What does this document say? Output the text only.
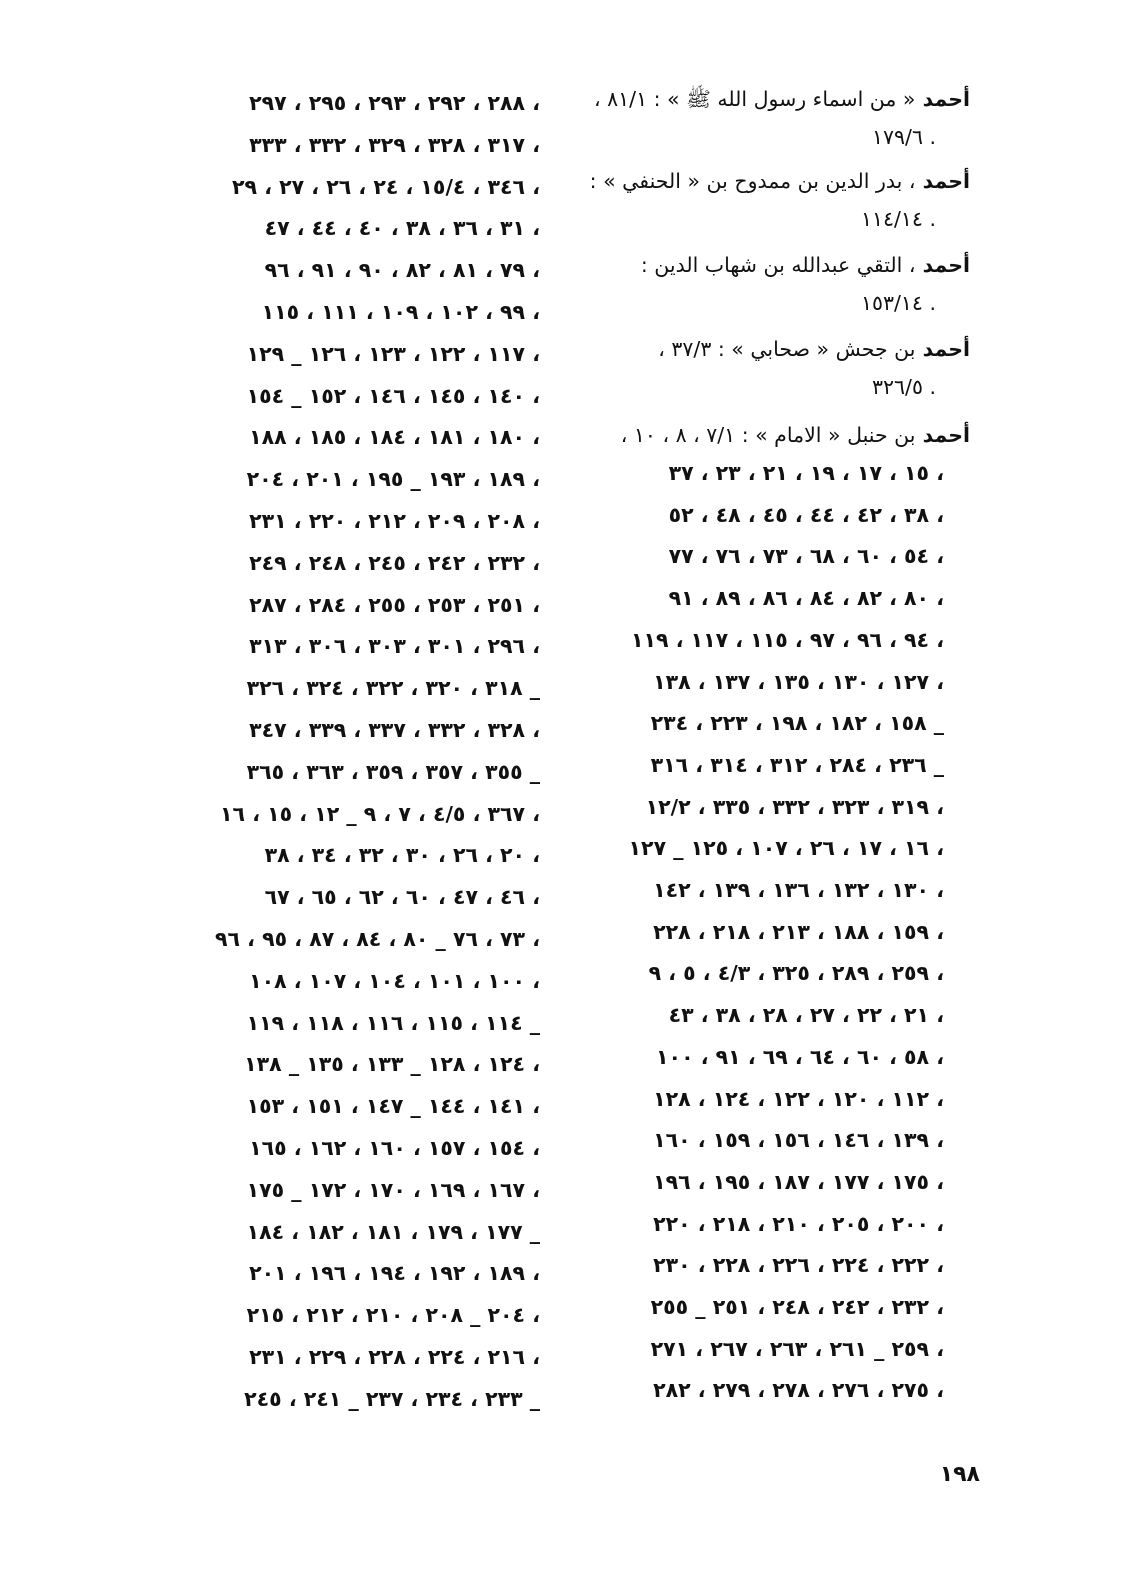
أحمد « من اسماء رسول الله ﷺ » : ٨١/١ ،
١٧٩/٦ .
أحمد ، بدر الدين بن ممدوح بن « الحنفي » :
١١٤/١٤ .
أحمد ، التقي عبدالله بن شهاب الدين :
١٥٣/١٤ .
أحمد بن جحش « صحابي » : ٣٧/٣ ،
٣٢٦/٥ .
أحمد بن حنبل « الامام » : ٧/١ ، ٨ ، ١٠ ،
١٥ ، ١٧ ، ١٩ ، ٢١ ، ٢٣ ، ٣٧ ،
٣٨ ، ٤٢ ، ٤٤ ، ٤٥ ، ٤٨ ، ٥٢ ،
٥٤ ، ٦٠ ، ٦٨ ، ٧٣ ، ٧٦ ، ٧٧ ،
٨٠ ، ٨٢ ، ٨٤ ، ٨٦ ، ٨٩ ، ٩١ ،
٩٤ ، ٩٦ ، ٩٧ ، ١١٥ ، ١١٧ ، ١١٩ ،
١٢٧ ، ١٣٠ ، ١٣٥ ، ١٣٧ ، ١٣٨ ،
١٥٨ ، ١٨٢ ، ١٩٨ ، ٢٢٣ ، ٢٣٤ _
٢٣٦ ، ٢٨٤ ، ٣١٢ ، ٣١٤ ، ٣١٦ _
٣١٩ ، ٣٢٣ ، ٣٣٢ ، ٣٣٥ ، ١٢/٢ ،
١٦ ، ١٧ ، ٢٦ ، ١٠٧ ، ١٢٥ _ ١٢٧ ،
١٣٠ ، ١٣٢ ، ١٣٦ ، ١٣٩ ، ١٤٢ ،
١٥٩ ، ١٨٨ ، ٢١٣ ، ٢١٨ ، ٢٢٨ ،
٢٥٩ ، ٢٨٩ ، ٣٢٥ ، ٤/٣ ، ٥ ، ٩ ،
٢١ ، ٢٢ ، ٢٧ ، ٢٨ ، ٣٨ ، ٤٣ ،
٥٨ ، ٦٠ ، ٦٤ ، ٦٩ ، ٩١ ، ١٠٠ ،
١١٢ ، ١٢٠ ، ١٢٢ ، ١٢٤ ، ١٢٨ ،
١٣٩ ، ١٤٦ ، ١٥٦ ، ١٥٩ ، ١٦٠ ،
١٧٥ ، ١٧٧ ، ١٨٧ ، ١٩٥ ، ١٩٦ ،
٢٠٠ ، ٢٠٥ ، ٢١٠ ، ٢١٨ ، ٢٢٠ ،
٢٢٢ ، ٢٢٤ ، ٢٢٦ ، ٢٢٨ ، ٢٣٠ ،
٢٣٢ ، ٢٤٢ ، ٢٤٨ ، ٢٥١ _ ٢٥٥ ،
٢٥٩ _ ٢٦١ ، ٢٦٣ ، ٢٦٧ ، ٢٧١ ،
٢٧٥ ، ٢٧٦ ، ٢٧٨ ، ٢٧٩ ، ٢٨٢ ،
٢٨٨ ، ٢٩٢ ، ٢٩٣ ، ٢٩٥ ، ٢٩٧ ،
٣١٧ ، ٣٢٨ ، ٣٢٩ ، ٣٣٢ ، ٣٣٣ ،
٣٤٦ ، ١٥/٤ ، ٢٤ ، ٢٦ ، ٢٧ ، ٢٩ ،
٣١ ، ٣٦ ، ٣٨ ، ٤٠ ، ٤٤ ، ٤٧ ،
٧٩ ، ٨١ ، ٨٢ ، ٩٠ ، ٩١ ، ٩٦ ،
٩٩ ، ١٠٢ ، ١٠٩ ، ١١١ ، ١١٥ ،
١١٧ ، ١٢٢ ، ١٢٣ ، ١٢٦ _ ١٢٩ ،
١٤٠ ، ١٤٥ ، ١٤٦ ، ١٥٢ _ ١٥٤ ،
١٨٠ ، ١٨١ ، ١٨٤ ، ١٨٥ ، ١٨٨ ،
١٨٩ ، ١٩٣ _ ١٩٥ ، ٢٠١ ، ٢٠٤ ،
٢٠٨ ، ٢٠٩ ، ٢١٢ ، ٢٢٠ ، ٢٣١ ،
٢٣٢ ، ٢٤٢ ، ٢٤٥ ، ٢٤٨ ، ٢٤٩ ،
٢٥١ ، ٢٥٣ ، ٢٥٥ ، ٢٨٤ ، ٢٨٧ ،
٢٩٦ ، ٣٠١ ، ٣٠٣ ، ٣٠٦ ، ٣١٣ ،
٣١٨ ، ٣٢٠ ، ٣٢٢ ، ٣٢٤ ، ٣٢٦ _
٣٢٨ ، ٣٣٢ ، ٣٣٧ ، ٣٣٩ ، ٣٤٧ ،
٣٥٥ ، ٣٥٧ ، ٣٥٩ ، ٣٦٣ ، ٣٦٥ _
٣٦٧ ، ٤/٥ ، ٧ ، ٩ _ ١٢ ، ١٥ ، ١٦ ،
٢٠ ، ٢٦ ، ٣٠ ، ٣٢ ، ٣٤ ، ٣٨ ،
٤٦ ، ٤٧ ، ٦٠ ، ٦٢ ، ٦٥ ، ٦٧ ،
٧٣ ، ٧٦ _ ٨٠ ، ٨٤ ، ٨٧ ، ٩٥ ، ٩٦ ،
١٠٠ ، ١٠١ ، ١٠٤ ، ١٠٧ ، ١٠٨ ،
١١٤ ، ١١٥ ، ١١٦ ، ١١٨ ، ١١٩ _
١٢٤ ، ١٢٨ _ ١٣٣ ، ١٣٥ _ ١٣٨ ،
١٤١ ، ١٤٤ _ ١٤٧ ، ١٥١ ، ١٥٣ ،
١٥٤ ، ١٥٧ ، ١٦٠ ، ١٦٢ ، ١٦٥ ،
١٦٧ ، ١٦٩ ، ١٧٠ ، ١٧٢ _ ١٧٥ ،
١٧٧ ، ١٧٩ ، ١٨١ ، ١٨٢ ، ١٨٤ _
١٨٩ ، ١٩٢ ، ١٩٤ ، ١٩٦ ، ٢٠١ ،
٢٠٤ _ ٢٠٨ ، ٢١٠ ، ٢١٢ ، ٢١٥ ،
٢١٦ ، ٢٢٤ ، ٢٢٨ ، ٢٢٩ ، ٢٣١ ،
٢٣٣ ، ٢٣٤ ، ٢٣٧ _ ٢٤١ ، ٢٤٥ _
١٩٨
